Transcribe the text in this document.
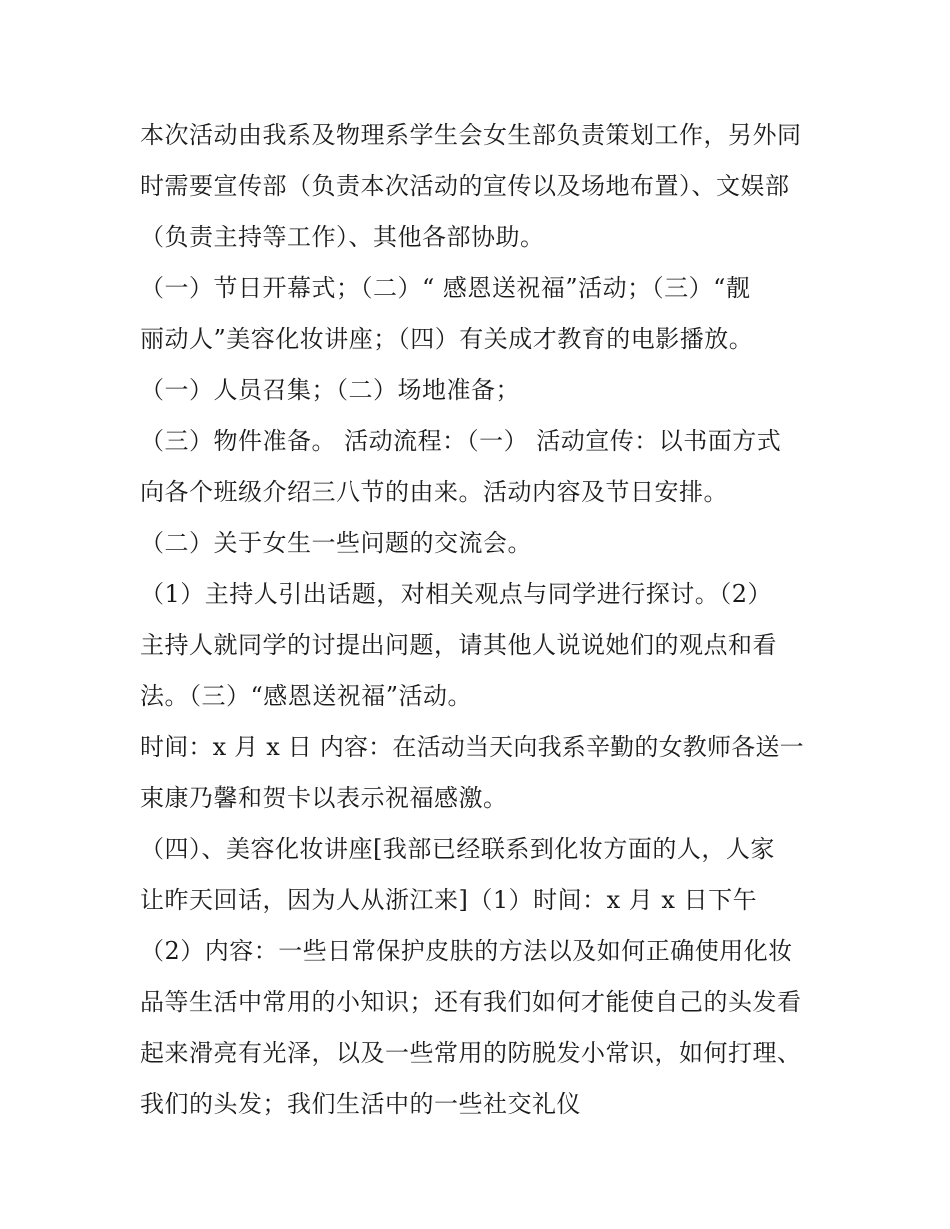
本次活动由我系及物理系学生会女生部负责策划工作，另外同
时需要宣传部（负责本次活动的宣传以及场地布置）、文娱部
（负责主持等工作）、其他各部协助。
（一）节日开幕式；（二）“ 感恩送祝福”活动；（三）“靓
丽动人”美容化妆讲座；（四）有关成才教育的电影播放。
（一）人员召集；（二）场地准备；
（三）物件准备。 活动流程：（一） 活动宣传：以书面方式
向各个班级介绍三八节的由来。活动内容及节日安排。
（二）关于女生一些问题的交流会。
（1）主持人引出话题，对相关观点与同学进行探讨。（2）
主持人就同学的讨提出问题，请其他人说说她们的观点和看
法。（三）“感恩送祝福”活动。
时间：x 月 x 日 内容：在活动当天向我系辛勤的女教师各送一
束康乃馨和贺卡以表示祝福感激。
（四）、美容化妆讲座[我部已经联系到化妆方面的人，人家
让昨天回话，因为人从浙江来]（1）时间：x 月 x 日下午
（2）内容：一些日常保护皮肤的方法以及如何正确使用化妆
品等生活中常用的小知识；还有我们如何才能使自己的头发看
起来滑亮有光泽，以及一些常用的防脱发小常识，如何打理、
我们的头发；我们生活中的一些社交礼仪
